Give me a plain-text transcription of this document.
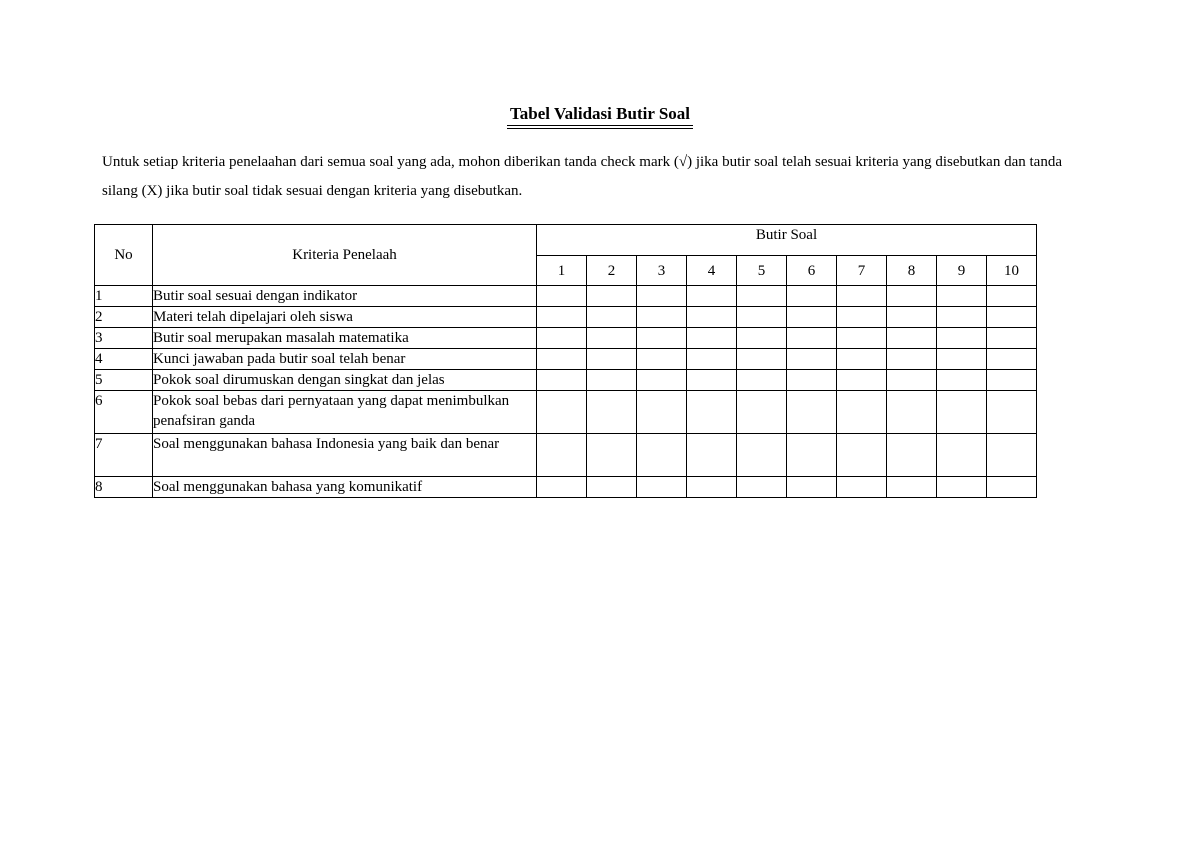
Tabel Validasi Butir Soal
Untuk setiap kriteria penelaahan dari semua soal yang ada, mohon diberikan tanda check mark (√) jika butir soal telah sesuai kriteria yang disebutkan dan tanda silang (X) jika butir soal tidak sesuai dengan kriteria yang disebutkan.
No	Kriteria Penelaah	Butir Soal									
		1	2	3	4	5	6	7	8	9	10
1	Butir soal sesuai dengan indikator										
2	Materi telah dipelajari oleh siswa										
3	Butir soal merupakan masalah matematika										
4	Kunci jawaban pada butir soal telah benar										
5	Pokok soal dirumuskan dengan singkat dan jelas										
6	Pokok soal bebas dari pernyataan yang dapat menimbulkan penafsiran ganda										
7	Soal menggunakan bahasa Indonesia yang baik dan benar										
8	Soal menggunakan bahasa yang komunikatif										
